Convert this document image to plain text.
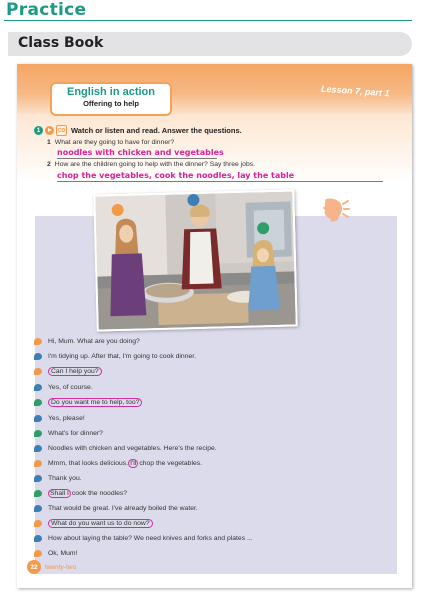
Practice
Class Book
Lesson 7, part 1
English in action
Offering to help
1	CD Watch or listen and read. Answer the questions.
1 What are they going to have for dinner?
noodles with chicken and vegetables
2 How are the children going to help with the dinner? Say three jobs.
chop the vegetables, cook the noodles, lay the table
Hi, Mum. What are you doing?
I'm tidying up. After that, I'm going to cook dinner.
Can I help you?
Yes, of course.
Do you want me to help, too?
Yes, please!
What's for dinner?
Noodles with chicken and vegetables. Here's the recipe.
Mmm, that looks delicious. I'll chop the vegetables.
Thank you.
Shall I cook the noodles?
That would be great. I've already boiled the water.
What do you want us to do now?
How about laying the table? We need knives and forks and plates ...
Ok, Mum!
22	twenty-two
